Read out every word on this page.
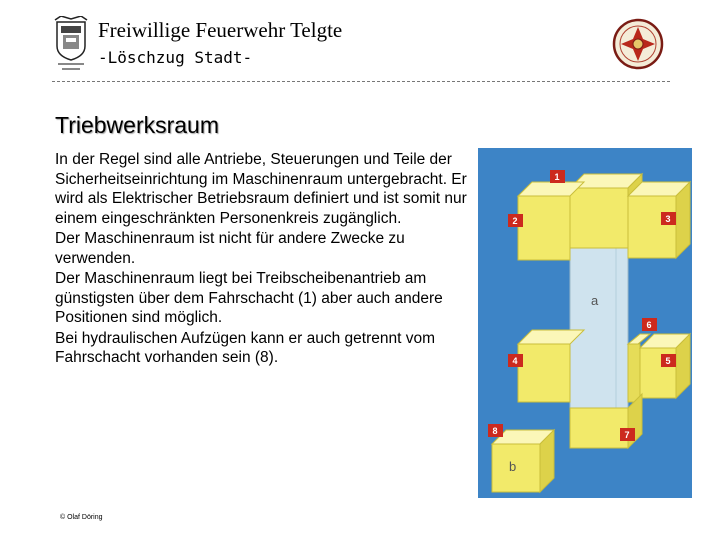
Freiwillige Feuerwehr Telgte
-Löschzug Stadt-
Triebwerksraum

In der Regel sind alle Antriebe, Steuerungen und Teile der Sicherheitseinrichtung im Maschinenraum untergebracht. Er wird als Elektrischer Betriebsraum definiert und ist somit nur einem eingeschränkten Personenkreis zugänglich.

Der Maschinenraum ist nicht für andere Zwecke zu verwenden.

Der Maschinenraum liegt bei Treibscheibenantrieb am günstigsten über dem Fahrschacht (1) aber auch andere Positionen sind möglich.

Bei hydraulischen Aufzügen kann er auch getrennt vom Fahrschacht vorhanden sein (8).

a
b
1
2	3
4	5
6
7
8
© Olaf Döring
